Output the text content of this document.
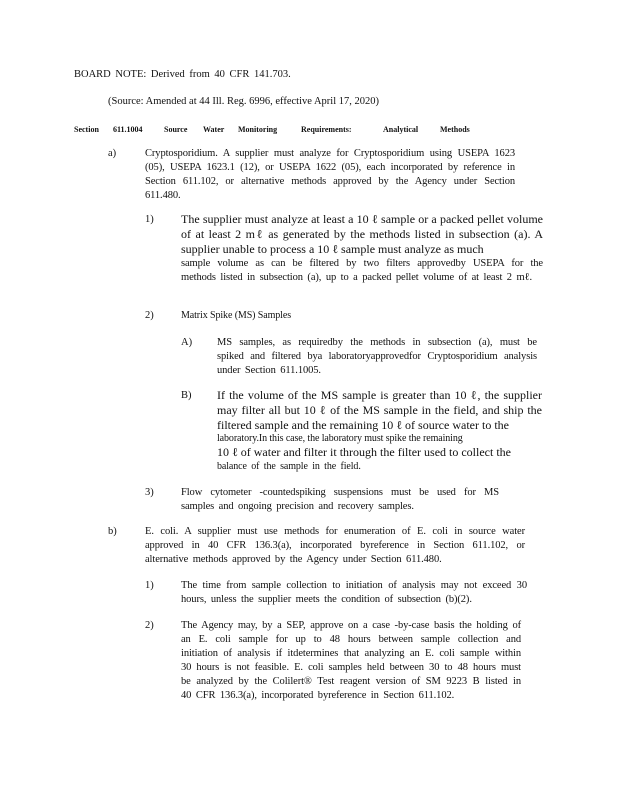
BOARD NOTE: Derived from 40 CFR 141.703.
(Source: Amended at 44 Ill. Reg. 6996, effective April 17, 2020)
Section 611.1004	Source Water Monitoring	Requirements:	Analytical	Methods
a)	Cryptosporidium. A supplier must analyze for Cryptosporidium using USEPA 1623 (05), USEPA 1623.1 (12), or USEPA 1622 (05), each incorporated by reference in Section 611.102, or alternative methods approved by the Agency under Section 611.480.
1) The supplier must analyze at least a 10 ℓ sample or a packed pellet volume of at least 2 mℓ as generated by the methods listed in subsection (a). A supplier unable to process a 10 ℓ sample must analyze as much
sample volume as can be filtered by two filters approvedby USEPA for the methods listed in subsection (a), up to a packed pellet volume of at least 2 mℓ.
2)	Matrix Spike (MS) Samples
A) MS samples, as requiredby the methods in subsection (a), must be spiked and filtered bya laboratoryapprovedfor Cryptosporidium analysis under Section 611.1005.
B) If the volume of the MS sample is greater than 10 ℓ, the supplier may filter all but 10 ℓ of the MS sample in the field, and ship the filtered sample and the remaining 10 ℓ of source water to the
laboratory.In this case, the laboratory must spike the remaining
10 ℓ of water and filter it through the filter used to collect the
balance of the sample in the field.
3)	Flow cytometer -countedspiking suspensions must be used for MS samples and ongoing precision and recovery samples.
b)	E. coli. A supplier must use methods for enumeration of E. coli in source water approved in 40 CFR 136.3(a), incorporated byreference in Section 611.102, or alternative methods approved by the Agency under Section 611.480.
1)	The time from sample collection to initiation of analysis may not exceed 30 hours, unless the supplier meets the condition of subsection (b)(2).
2)	The Agency may, by a SEP, approve on a case -by-case basis the holding of an E. coli sample for up to 48 hours between sample collection and initiation of analysis if itdetermines that analyzing an E. coli sample within 30 hours is not feasible. E. coli samples held between 30 to 48 hours must be analyzed by the Colilert® Test reagent version of SM 9223 B listed in 40 CFR 136.3(a), incorporated byreference in Section 611.102.
